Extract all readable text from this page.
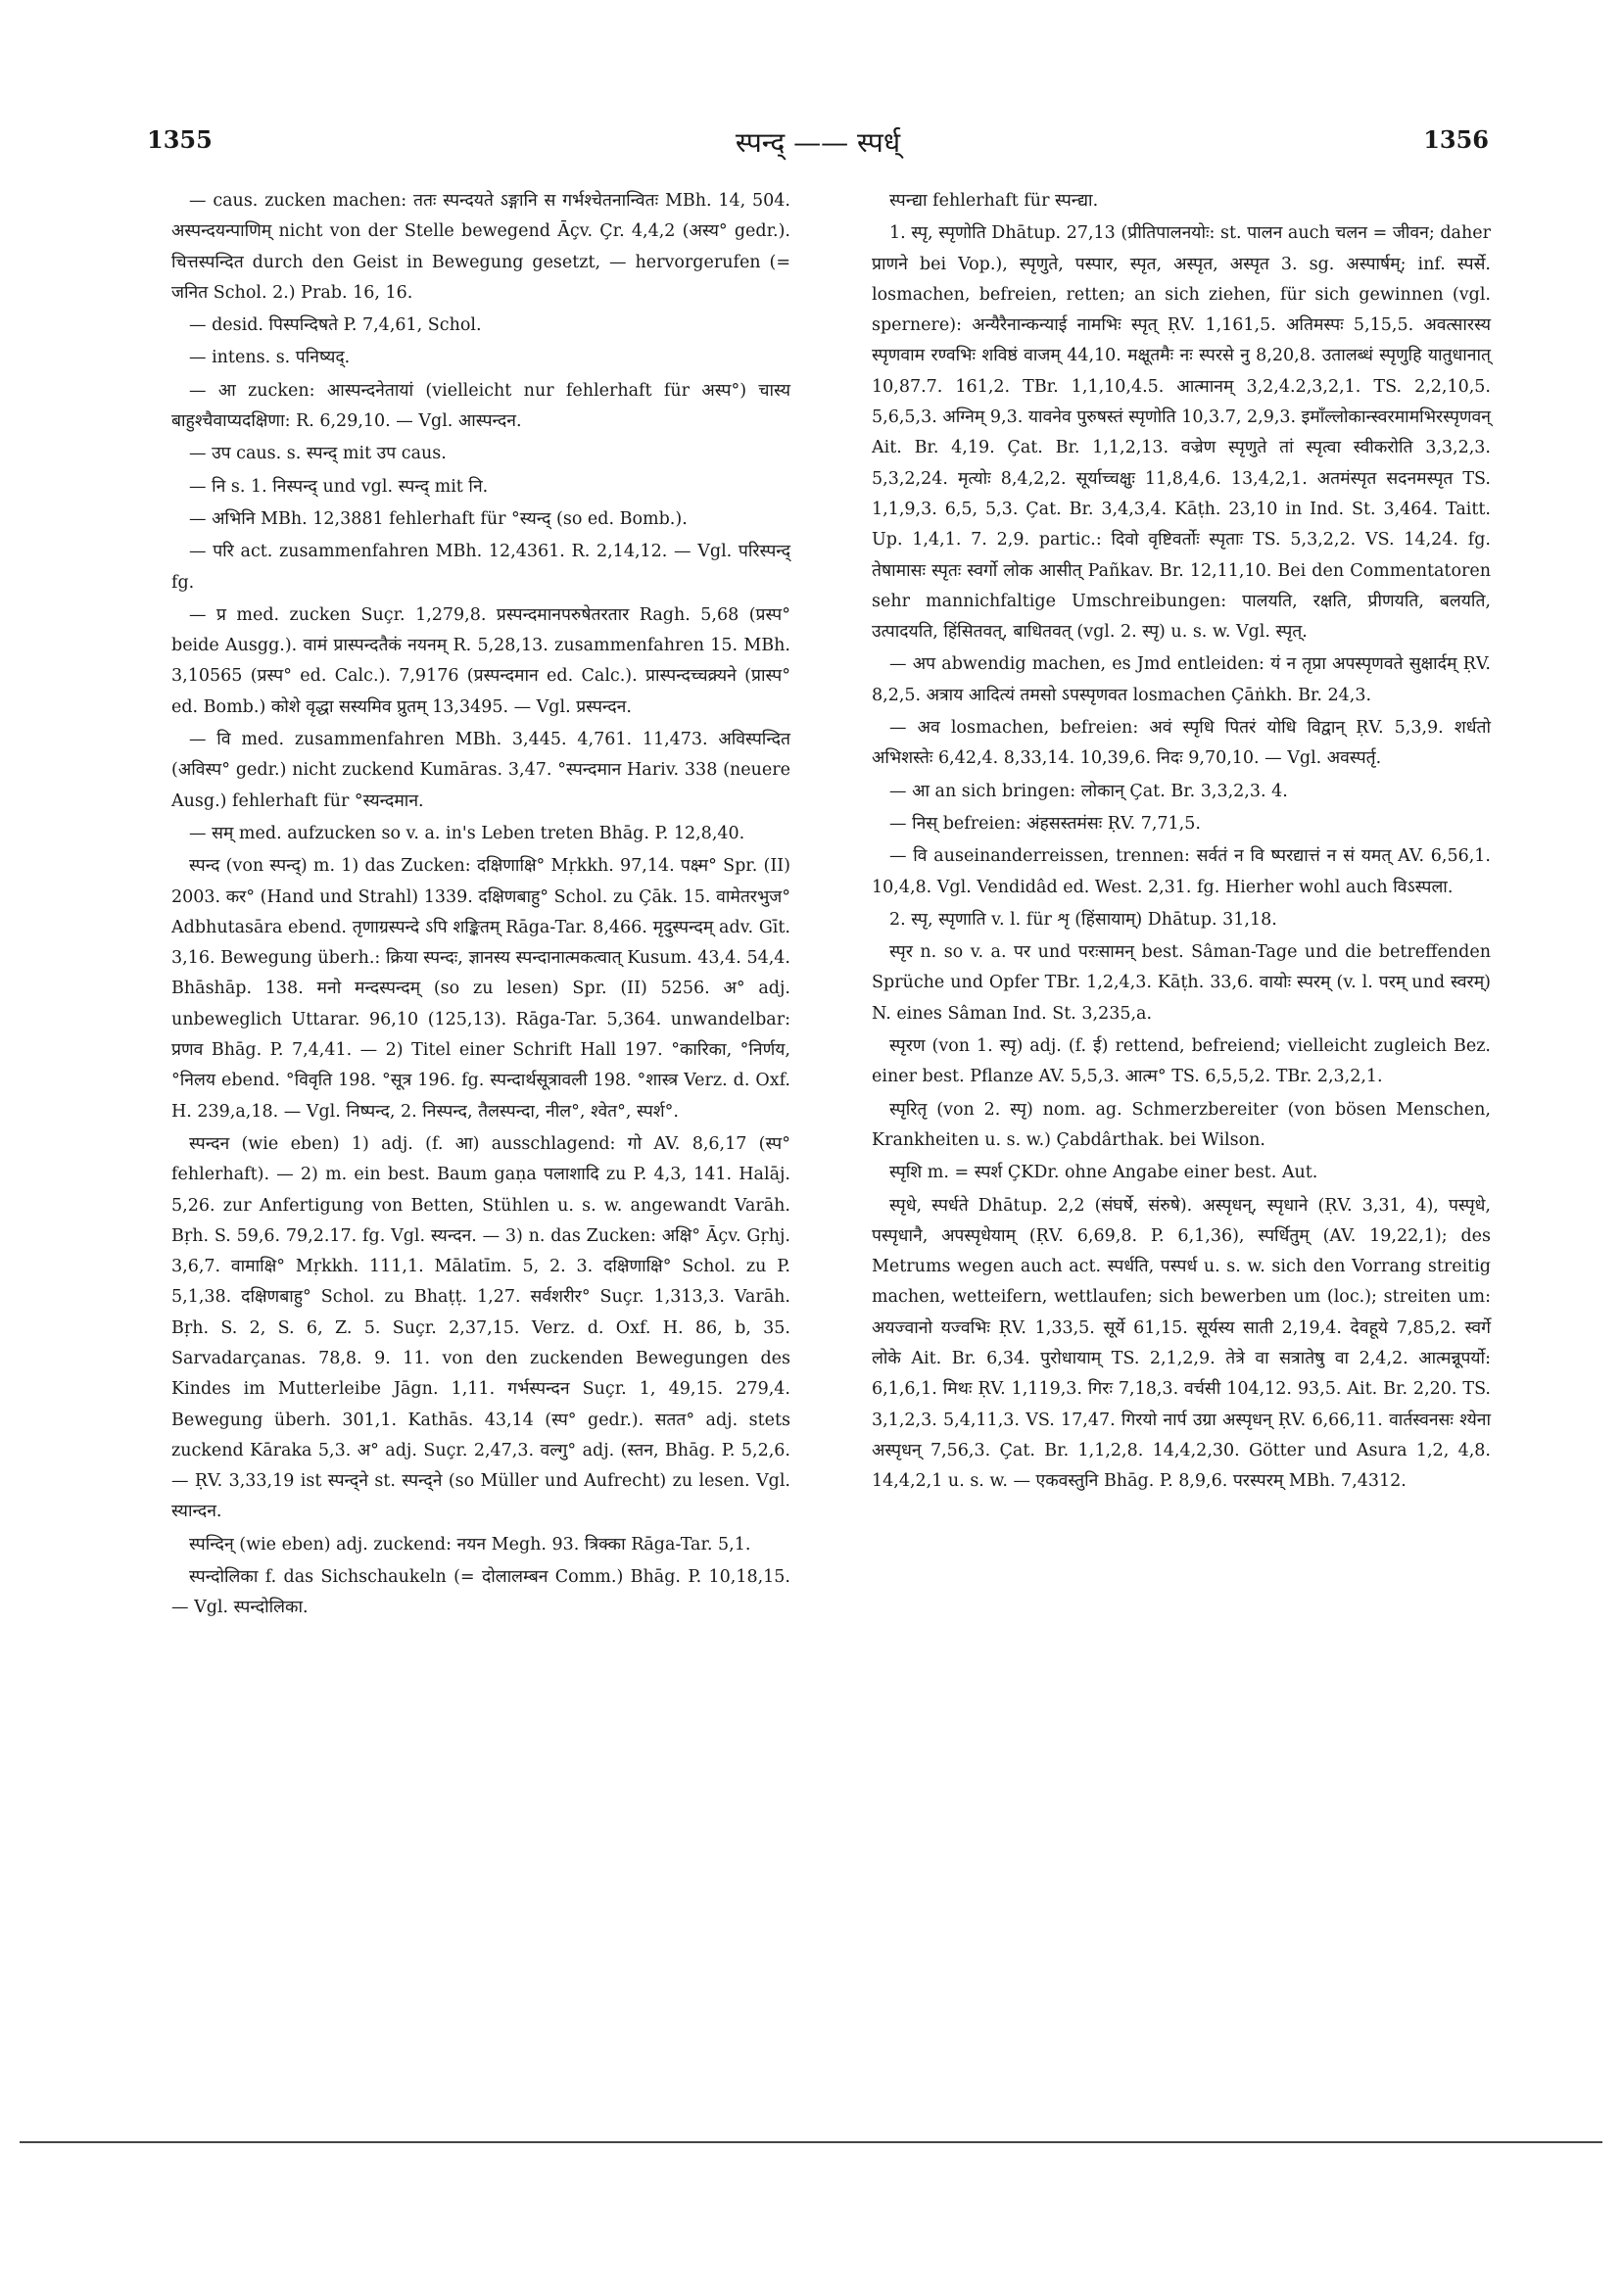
1355	स्पन्द् —— स्पर्ध्	1356

— caus. zucken machen: ततः स्पन्दयते ऽङ्गानि स गर्भश्चेतनान्वितः MBh. 14, 504. अस्पन्दयन्पाणिम् nicht von der Stelle bewegend Āçv. Çr. 4,4,2 (अस्य° gedr.). चित्तस्पन्दित durch den Geist in Bewegung gesetzt, — hervorgerufen (= जनित Schol. 2.) Prab. 16, 16.

— desid. पिस्पन्दिषते P. 7,4,61, Schol.

— intens. s. पनिष्यद्.

— आ zucken: आस्पन्दनेतायां (vielleicht nur fehlerhaft für अस्प°) चास्य बाहुश्चैवाप्यदक्षिणा: R. 6,29,10. — Vgl. आस्पन्दन.

— उप caus. s. स्पन्द् mit उप caus.

— नि s. 1. निस्पन्द् und vgl. स्पन्द् mit नि.

— अभिनि MBh. 12,3881 fehlerhaft für °स्यन्द् (so ed. Bomb.).

— परि act. zusammenfahren MBh. 12,4361. R. 2,14,12. — Vgl. परिस्पन्द् fg.

— प्र med. zucken Suçr. 1,279,8. प्रस्पन्दमानपरुषेतरतार Ragh. 5,68 (प्रस्प° beide Ausgg.). वामं प्रास्पन्दतैकं नयनम् R. 5,28,13. zusammenfahren 15. MBh. 3,10565 (प्रस्प° ed. Calc.). 7,9176 (प्रस्पन्दमान ed. Calc.). प्रास्पन्दच्चक्र्यने (प्रास्प° ed. Bomb.) कोशे वृद्धा सस्यमिव प्रुतम् 13,3495. — Vgl. प्रस्पन्दन.

— वि med. zusammenfahren MBh. 3,445. 4,761. 11,473. अविस्पन्दित (अविस्प° gedr.) nicht zuckend Kumāras. 3,47. °स्पन्दमान Hariv. 338 (neuere Ausg.) fehlerhaft für °स्यन्दमान.

— सम् med. aufzucken so v. a. in's Leben treten Bhāg. P. 12,8,40.

स्पन्द (von स्पन्द्) m. 1) das Zucken: दक्षिणाक्षि° Mṛkkh. 97,14. पक्ष्म° Spr. (II) 2003. कर° (Hand und Strahl) 1339. दक्षिणबाहु° Schol. zu Çāk. 15. वामेतरभुज° Adbhutasāra ebend. तृणाग्रस्पन्दे ऽपि शङ्कितम् Rāga-Tar. 8,466. मृदुस्पन्दम् adv. Gīt. 3,16. Bewegung überh.: क्रिया स्पन्दः, ज्ञानस्य स्पन्दानात्मकत्वात् Kusum. 43,4. 54,4. Bhāshāp. 138. मनो मन्दस्पन्दम् (so zu lesen) Spr. (II) 5256. अ° adj. unbeweglich Uttarar. 96,10 (125,13). Rāga-Tar. 5,364. unwandelbar: प्रणव Bhāg. P. 7,4,41. — 2) Titel einer Schrift Hall 197. °कारिका, °निर्णय, °निलय ebend. °विवृति 198. °सूत्र 196. fg. स्पन्दार्थसूत्रावली 198. °शास्त्र Verz. d. Oxf. H. 239,a,18. — Vgl. निष्पन्द, 2. निस्पन्द, तैलस्पन्दा, नील°, श्वेत°, स्पर्श°.

स्पन्दन (wie eben) 1) adj. (f. आ) ausschlagend: गो AV. 8,6,17 (स्प° fehlerhaft). — 2) m. ein best. Baum gaṇa पलाशादि zu P. 4,3, 141. Halāj. 5,26. zur Anfertigung von Betten, Stühlen u. s. w. angewandt Varāh. Bṛh. S. 59,6. 79,2.17. fg. Vgl. स्यन्दन. — 3) n. das Zucken: अक्षि° Āçv. Gṛhj. 3,6,7. वामाक्षि° Mṛkkh. 111,1. Mālatīm. 5, 2. 3. दक्षिणाक्षि° Schol. zu P. 5,1,38. दक्षिणबाहु° Schol. zu Bhaṭṭ. 1,27. सर्वशरीर° Suçr. 1,313,3. Varāh. Bṛh. S. 2, S. 6, Z. 5. Suçr. 2,37,15. Verz. d. Oxf. H. 86, b, 35. Sarvadarçanas. 78,8. 9. 11. von den zuckenden Bewegungen des Kindes im Mutterleibe Jāgn. 1,11. गर्भस्पन्दन Suçr. 1, 49,15. 279,4. Bewegung überh. 301,1. Kathās. 43,14 (स्प° gedr.). सतत° adj. stets zuckend Kāraka 5,3. अ° adj. Suçr. 2,47,3. वल्गु° adj. (स्तन, Bhāg. P. 5,2,6. — ṚV. 3,33,19 ist स्पन्द्ने st. स्पन्द्ने (so Müller und Aufrecht) zu lesen. Vgl. स्यान्दन.

स्पन्दिन् (wie eben) adj. zuckend: नयन Megh. 93. त्रिक्का Rāga-Tar. 5,1.

स्पन्दोलिका f. das Sichschaukeln (= दोलालम्बन Comm.) Bhāg. P. 10,18,15. — Vgl. स्पन्दोलिका.

स्पन्द्या fehlerhaft für स्पन्द्या.

1. स्पृ, स्पृणोति Dhātup. 27,13 (प्रीतिपालनयोः: st. पालन auch चलन = जीवन; daher प्राणने bei Vop.), स्पृणुते, पस्पार, स्पृत, अस्पृत, अस्पृत 3. sg. अस्पार्षम्; inf. स्पर्से. losmachen, befreien, retten; an sich ziehen, für sich gewinnen (vgl. spernere): अन्यैरैनान्कन्याई नामभिः स्पृत् ṚV. 1,161,5. अतिमस्पः 5,15,5. अवत्सारस्य स्पृणवाम रण्वभिः शविष्ठं वाजम् 44,10. मक्षूतमैः नः स्परसे नु 8,20,8. उतालब्धं स्पृणुहि यातुधानात् 10,87.7. 161,2. TBr. 1,1,10,4.5. आत्मानम् 3,2,4.2,3,2,1. TS. 2,2,10,5. 5,6,5,3. अग्निम् 9,3. यावनेव पुरुषस्तं स्पृणोति 10,3.7, 2,9,3. इमाँल्लोकान्स्वरमामभिरस्पृणवन् Ait. Br. 4,19. Çat. Br. 1,1,2,13. वज्रेण स्पृणुते तां स्पृत्वा स्वीकरोति 3,3,2,3. 5,3,2,24. मृत्योः 8,4,2,2. सूर्याच्चक्षुः 11,8,4,6. 13,4,2,1. अतमंस्पृत सदनमस्पृत TS. 1,1,9,3. 6,5, 5,3. Çat. Br. 3,4,3,4. Kāṭh. 23,10 in Ind. St. 3,464. Taitt. Up. 1,4,1. 7. 2,9. partic.: दिवो वृष्टिवर्तोः स्पृताः TS. 5,3,2,2. VS. 14,24. fg. तेषामासः स्पृतः स्वर्गो लोक आसीत् Pañkav. Br. 12,11,10. Bei den Commentatoren sehr mannichfaltige Umschreibungen: पालयति, रक्षति, प्रीणयति, बलयति, उत्पादयति, हिंसितवत्, बाधितवत् (vgl. 2. स्पृ) u. s. w. Vgl. स्पृत्.

— अप abwendig machen, es Jmd entleiden: यं न तृप्रा अपस्पृणवते सुक्षार्दम् ṚV. 8,2,5. अत्राय आदित्यं तमसो ऽपस्पृणवत losmachen Çāṅkh. Br. 24,3.

— अव losmachen, befreien: अवं स्पृधि पितरं योधि विद्वान् ṚV. 5,3,9. शर्धतो अभिशस्तेः 6,42,4. 8,33,14. 10,39,6. निदः 9,70,10. — Vgl. अवस्पर्तृ.

— आ an sich bringen: लोकान् Çat. Br. 3,3,2,3. 4.

— निस् befreien: अंहसस्तमंसः ṚV. 7,71,5.

— वि auseinanderreissen, trennen: सर्वतं न वि ष्परद्यात्तं न सं यमत् AV. 6,56,1. 10,4,8. Vgl. Vendidâd ed. West. 2,31. fg. Hierher wohl auch विऽस्पला.

2. स्पृ, स्पृणाति v. l. für शृ (हिंसायाम्) Dhātup. 31,18.

स्पृर n. so v. a. पर und परःसामन् best. Sâman-Tage und die betreffenden Sprüche und Opfer TBr. 1,2,4,3. Kāṭh. 33,6. वायोः स्परम् (v. l. परम् und स्वरम्) N. eines Sâman Ind. St. 3,235,a.

स्पृरण (von 1. स्पृ) adj. (f. ई) rettend, befreiend; vielleicht zugleich Bez. einer best. Pflanze AV. 5,5,3. आत्म° TS. 6,5,5,2. TBr. 2,3,2,1.

स्पृरितृ (von 2. स्पृ) nom. ag. Schmerzbereiter (von bösen Menschen, Krankheiten u. s. w.) Çabdârthak. bei Wilson.

स्पृशि m. = स्पर्श ÇKDr. ohne Angabe einer best. Aut.

स्पृधे, स्पर्धते Dhātup. 2,2 (संघर्षे, संरुषे). अस्पृधन्, स्पृधाने (ṚV. 3,31, 4), पस्पृधे, पस्पृधानै, अपस्पृधेयाम् (ṚV. 6,69,8. P. 6,1,36), स्पर्धितुम् (AV. 19,22,1); des Metrums wegen auch act. स्पर्धति, पस्पर्ध u. s. w. sich den Vorrang streitig machen, wetteifern, wettlaufen; sich bewerben um (loc.); streiten um: अयज्वानो यज्वभिः ṚV. 1,33,5. सूर्ये 61,15. सूर्यस्य साती 2,19,4. देवहूये 7,85,2. स्वर्गे लोके Ait. Br. 6,34. पुरोधायाम् TS. 2,1,2,9. तेत्रे वा सत्रातेषु वा 2,4,2. आत्मन्नूपर्यो: 6,1,6,1. मिथः ṚV. 1,119,3. गिरः 7,18,3. वर्चसी 104,12. 93,5. Ait. Br. 2,20. TS. 3,1,2,3. 5,4,11,3. VS. 17,47. गिरयो नार्प उग्रा अस्पृधन् ṚV. 6,66,11. वार्तस्वनसः श्येना अस्पृधन् 7,56,3. Çat. Br. 1,1,2,8. 14,4,2,30. Götter und Asura 1,2, 4,8. 14,4,2,1 u. s. w. — एकवस्तुनि Bhāg. P. 8,9,6. परस्परम् MBh. 7,4312.
